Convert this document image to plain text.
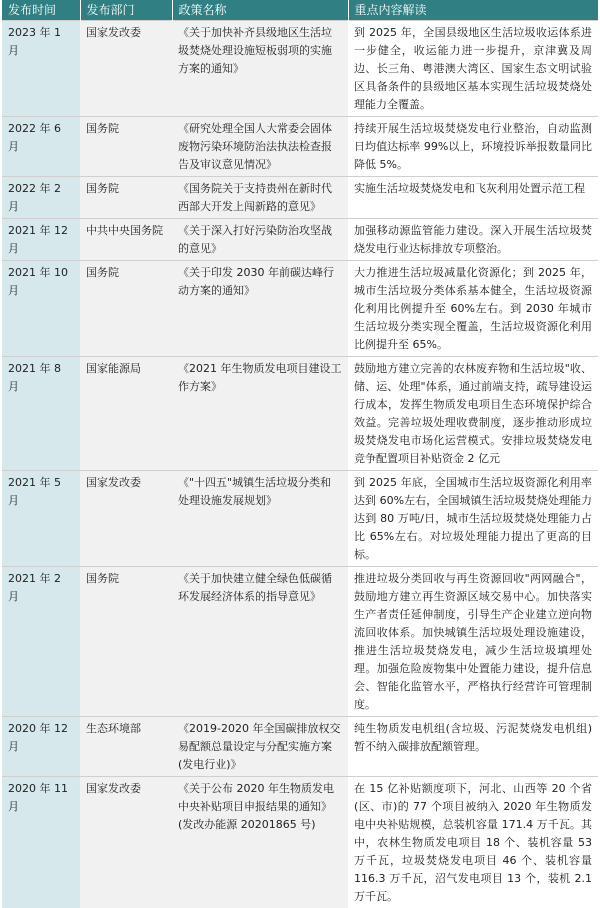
发布时间	发布部门	政策名称	重点内容解读
2023 年 1 月	国家发改委	《关于加快补齐县级地区生活垃圾焚烧处理设施短板弱项的实施方案的通知》	到 2025 年，全国县级地区生活垃圾收运体系进一步健全，收运能力进一步提升，京津冀及周边、长三角、粤港澳大湾区、国家生态文明试验区具备条件的县级地区基本实现生活垃圾焚烧处理能力全覆盖。
2022 年 6 月	国务院	《研究处理全国人大常委会固体废物污染环境防治法执法检查报告及审议意见情况》	持续开展生活垃圾焚烧发电行业整治，自动监测日均值达标率 99%以上，环境投诉举报数量同比降低 5%。
2022 年 2 月	国务院	《国务院关于支持贵州在新时代西部大开发上闯新路的意见》	实施生活垃圾焚烧发电和飞灰利用处置示范工程
2021 年 12 月	中共中央国务院	《关于深入打好污染防治攻坚战的意见》	加强移动源监管能力建设。深入开展生活垃圾焚烧发电行业达标排放专项整治。
2021 年 10 月	国务院	《关于印发 2030 年前碳达峰行动方案的通知》	大力推进生活垃圾减量化资源化；到 2025 年，城市生活垃圾分类体系基本健全，生活垃圾资源化利用比例提升至 60%左右。到 2030 年城市生活垃圾分类实现全覆盖，生活垃圾资源化利用比例提升至 65%。
2021 年 8 月	国家能源局	《2021 年生物质发电项目建设工作方案》	鼓励地方建立完善的农林废弃物和生活垃圾"收、储、运、处理"体系，通过前端支持，疏导建设运行成本，发挥生物质发电项目生态环境保护综合效益。完善垃圾处理收费制度，逐步推动形成垃圾焚烧发电市场化运营模式。安排垃圾焚烧发电竞争配置项目补贴资金 2 亿元
2021 年 5 月	国家发改委	《"十四五"城镇生活垃圾分类和处理设施发展规划》	到 2025 年底，全国城市生活垃圾资源化利用率达到 60%左右，全国城镇生活垃圾焚烧处理能力达到 80 万吨/日，城市生活垃圾焚烧处理能力占比 65%左右。对垃圾处理能力提出了更高的目标。
2021 年 2 月	国务院	《关于加快建立健全绿色低碳循环发展经济体系的指导意见》	推进垃圾分类回收与再生资源回收"两网融合"，鼓励地方建立再生资源区域交易中心。加快落实生产者责任延伸制度，引导生产企业建立逆向物流回收体系。加快城镇生活垃圾处理设施建设，推进生活垃圾焚烧发电，减少生活垃圾填埋处理。加强危险废物集中处置能力建设，提升信息会、智能化监管水平，严格执行经营许可管理制度。
2020 年 12 月	生态环境部	《2019-2020 年全国碳排放权交易配额总量设定与分配实施方案(发电行业)》	纯生物质发电机组(含垃圾、污泥焚烧发电机组)暂不纳入碳排放配额管理。
2020 年 11 月	国家发改委	《关于公布 2020 年生物质发电中央补贴项目申报结果的通知》(发改办能源 20201865 号)	在 15 亿补贴额度项下，河北、山西等 20 个省(区、市)的 77 个项目被纳入 2020 年生物质发电中央补贴规模，总装机容量 171.4 万千瓦。其中，农林生物质发电项目 18 个、装机容量 53 万千瓦，垃圾焚烧发电项目 46 个、装机容量 116.3 万千瓦，沼气发电项目 13 个，装机 2.1 万千瓦。
